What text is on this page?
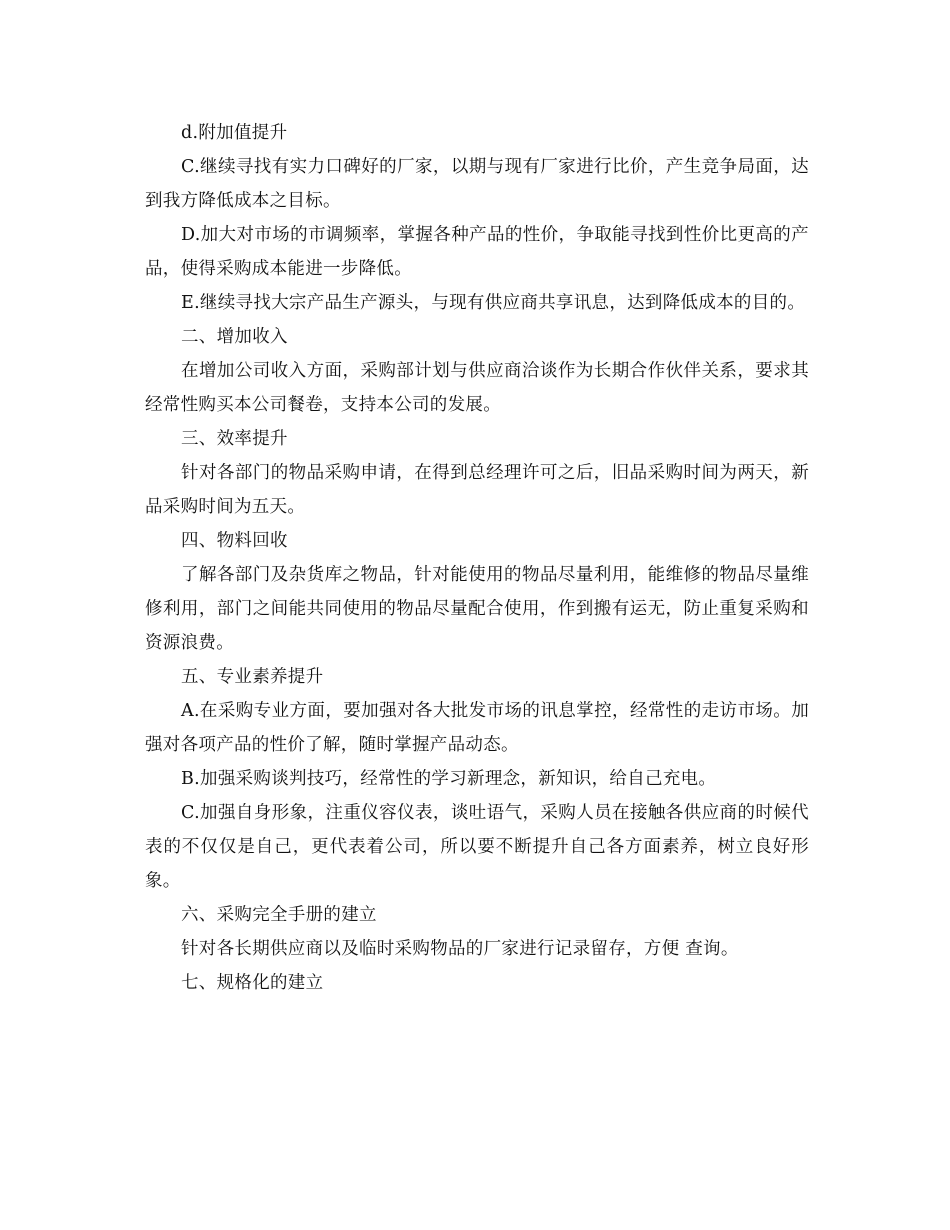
d.附加值提升

C.继续寻找有实力口碑好的厂家，以期与现有厂家进行比价，产生竞争局面，达到我方降低成本之目标。

D.加大对市场的市调频率，掌握各种产品的性价，争取能寻找到性价比更高的产品，使得采购成本能进一步降低。

E.继续寻找大宗产品生产源头，与现有供应商共享讯息，达到降低成本的目的。

二、增加收入

在增加公司收入方面，采购部计划与供应商洽谈作为长期合作伙伴关系，要求其经常性购买本公司餐卷，支持本公司的发展。

三、效率提升

针对各部门的物品采购申请，在得到总经理许可之后，旧品采购时间为两天，新品采购时间为五天。

四、物料回收

了解各部门及杂货库之物品，针对能使用的物品尽量利用，能维修的物品尽量维修利用，部门之间能共同使用的物品尽量配合使用，作到搬有运无，防止重复采购和资源浪费。

五、专业素养提升

A.在采购专业方面，要加强对各大批发市场的讯息掌控，经常性的走访市场。加强对各项产品的性价了解，随时掌握产品动态。

B.加强采购谈判技巧，经常性的学习新理念，新知识，给自己充电。

C.加强自身形象，注重仪容仪表，谈吐语气，采购人员在接触各供应商的时候代表的不仅仅是自己，更代表着公司，所以要不断提升自己各方面素养，树立良好形象。

六、采购完全手册的建立

针对各长期供应商以及临时采购物品的厂家进行记录留存，方便 查询。

七、规格化的建立
